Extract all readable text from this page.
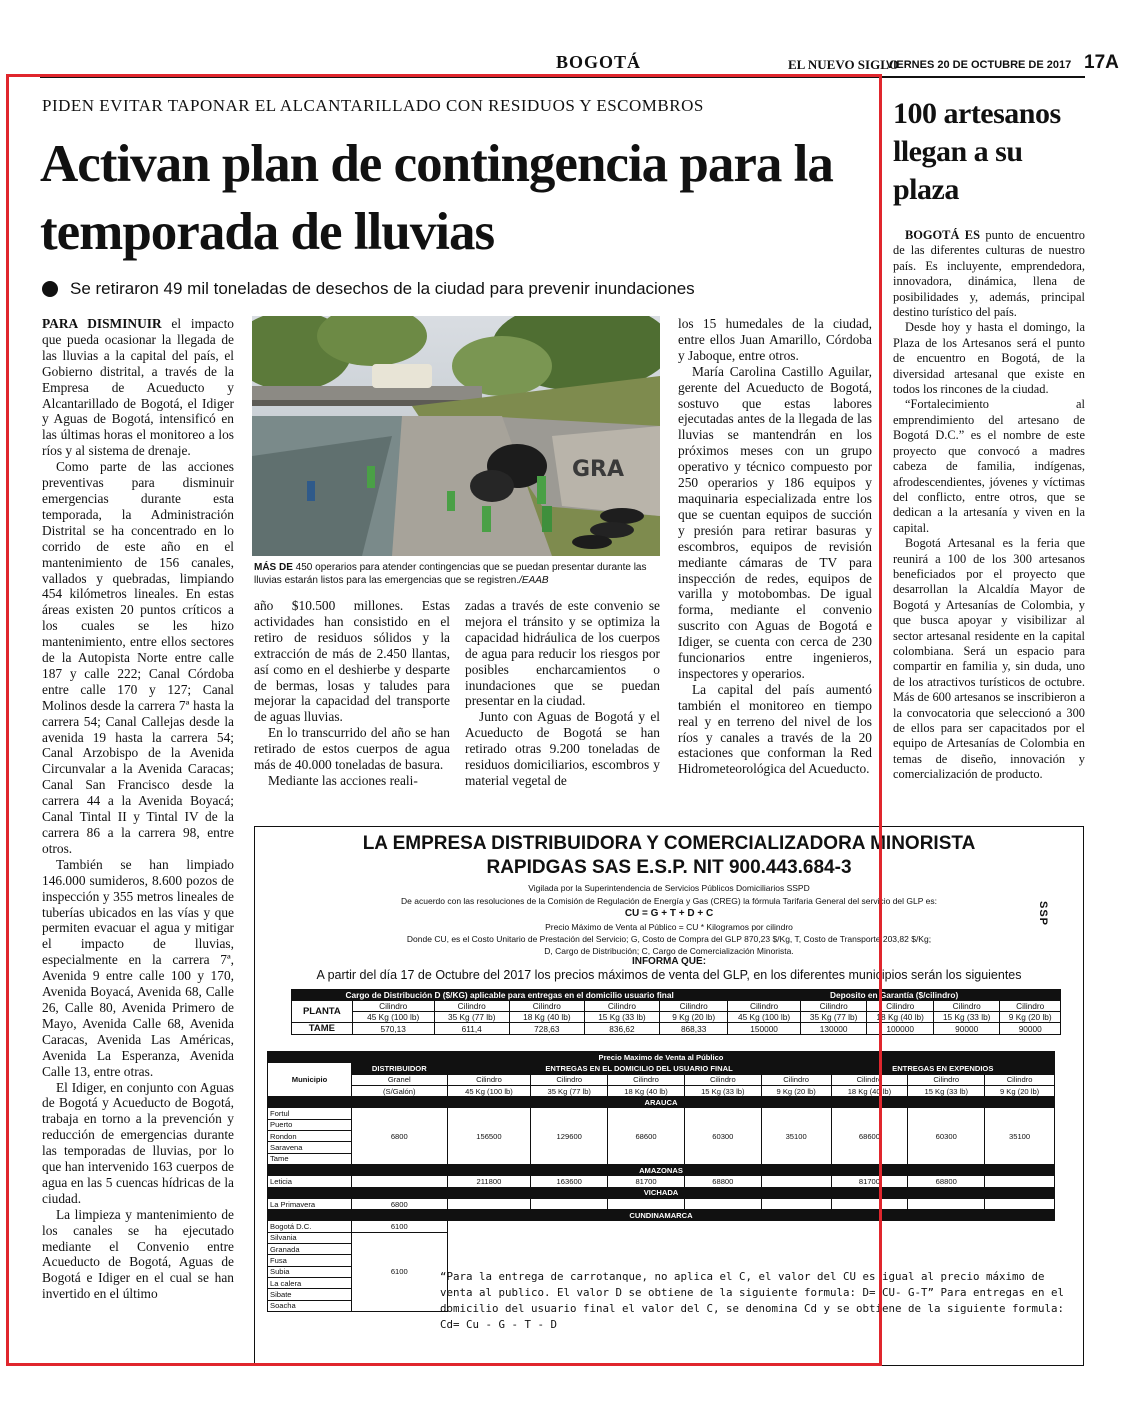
BOGOTÁ	EL NUEVO SIGLO
VIERNES 20 DE OCTUBRE DE 2017 17A
PIDEN EVITAR TAPONAR EL ALCANTARILLADO CON RESIDUOS Y ESCOMBROS
Activan plan de contingencia para la temporada de lluvias
Se retiraron 49 mil toneladas de desechos de la ciudad para prevenir inundaciones

PARA DISMINUIR el impacto que pueda ocasionar la llegada de las lluvias a la capital del país, el Gobierno distrital, a través de la Empresa de Acueducto y Alcantarillado de Bogotá, el Idiger y Aguas de Bogotá, intensificó en las últimas horas el monitoreo a los ríos y al sistema de drenaje.

Como parte de las acciones preventivas para disminuir emergencias durante esta temporada, la Administración Distrital se ha concentrado en lo corrido de este año en el mantenimiento de 156 canales, vallados y quebradas, limpiando 454 kilómetros lineales. En estas áreas existen 20 puntos críticos a los cuales se les hizo mantenimiento, entre ellos sectores de la Autopista Norte entre calle 187 y calle 222; Canal Córdoba entre calle 170 y 127; Canal Molinos desde la carrera 7ª hasta la carrera 54; Canal Callejas desde la avenida 19 hasta la carrera 54; Canal Arzobispo de la Avenida Circunvalar a la Avenida Caracas; Canal San Francisco desde la carrera 44 a la Avenida Boyacá; Canal Tintal II y Tintal IV de la carrera 86 a la carrera 98, entre otros.

También se han limpiado 146.000 sumideros, 8.600 pozos de inspección y 355 metros lineales de tuberías ubicados en las vías y que permiten evacuar el agua y mitigar el impacto de lluvias, especialmente en la carrera 7ª, Avenida 9 entre calle 100 y 170, Avenida Boyacá, Avenida 68, Calle 26, Calle 80, Avenida Primero de Mayo, Avenida Calle 68, Avenida Caracas, Avenida Las Américas, Avenida La Esperanza, Avenida Calle 13, entre otras.

El Idiger, en conjunto con Aguas de Bogotá y Acueducto de Bogotá, trabaja en torno a la prevención y reducción de emergencias durante las temporadas de lluvias, por lo que han intervenido 163 cuerpos de agua en las 5 cuencas hídricas de la ciudad.

La limpieza y mantenimiento de los canales se ha ejecutado mediante el Convenio entre Acueducto de Bogotá, Aguas de Bogotá e Idiger en el cual se han invertido en el último

GRA
MÁS DE 450 operarios para atender contingencias que se puedan presentar durante las lluvias estarán listos para las emergencias que se registren./EAAB

año $10.500 millones. Estas actividades han consistido en el retiro de residuos sólidos y la extracción de más de 2.450 llantas, así como en el deshierbe y desparte de bermas, losas y taludes para mejorar la capacidad del transporte de aguas lluvias.

En lo transcurrido del año se han retirado de estos cuerpos de agua más de 40.000 toneladas de basura.

Mediante las acciones reali-

zadas a través de este convenio se mejora el tránsito y se optimiza la capacidad hidráulica de los cuerpos de agua para reducir los riesgos por posibles encharcamientos o inundaciones que se puedan presentar en la ciudad.

Junto con Aguas de Bogotá y el Acueducto de Bogotá se han retirado otras 9.200 toneladas de residuos domiciliarios, escombros y material vegetal de

los 15 humedales de la ciudad, entre ellos Juan Amarillo, Córdoba y Jaboque, entre otros.

María Carolina Castillo Aguilar, gerente del Acueducto de Bogotá, sostuvo que estas labores ejecutadas antes de la llegada de las lluvias se mantendrán en los próximos meses con un grupo operativo y técnico compuesto por 250 operarios y 186 equipos y maquinaria especializada entre los que se cuentan equipos de succión y presión para retirar basuras y escombros, equipos de revisión mediante cámaras de TV para inspección de redes, equipos de varilla y motobombas. De igual forma, mediante el convenio suscrito con Aguas de Bogotá e Idiger, se cuenta con cerca de 230 funcionarios entre ingenieros, inspectores y operarios.

La capital del país aumentó también el monitoreo en tiempo real y en terreno del nivel de los ríos y canales a través de la 20 estaciones que conforman la Red Hidrometeorológica del Acueducto.

100 artesanos llegan a su plaza

BOGOTÁ ES punto de encuentro de las diferentes culturas de nuestro país. Es incluyente, emprendedora, innovadora, dinámica, llena de posibilidades y, además, principal destino turístico del país.

Desde hoy y hasta el domingo, la Plaza de los Artesanos será el punto de encuentro en Bogotá, de la diversidad artesanal que existe en todos los rincones de la ciudad.

“Fortalecimiento al emprendimiento del artesano de Bogotá D.C.” es el nombre de este proyecto que convocó a madres cabeza de familia, indígenas, afrodescendientes, jóvenes y víctimas del conflicto, entre otros, que se dedican a la artesanía y viven en la capital.

Bogotá Artesanal es la feria que reunirá a 100 de los 300 artesanos beneficiados por el proyecto que desarrollan la Alcaldía Mayor de Bogotá y Artesanías de Colombia, y que busca apoyar y visibilizar al sector artesanal residente en la capital colombiana. Será un espacio para compartir en familia y, sin duda, uno de los atractivos turísticos de octubre. Más de 600 artesanos se inscribieron a la convocatoria que seleccionó a 300 de ellos para ser capacitados por el equipo de Artesanías de Colombia en temas de diseño, innovación y comercialización de producto.

LA EMPRESA DISTRIBUIDORA Y COMERCIALIZADORA MINORISTA
RAPIDGAS SAS E.S.P. NIT 900.443.684-3
Vigilada por la Superintendencia de Servicios Públicos Domiciliarios SSPD
De acuerdo con las resoluciones de la Comisión de Regulación de Energía y Gas (CREG) la fórmula Tarifaria General del servicio del GLP es:
CU = G + T + D + C
Precio Máximo de Venta al Público = CU * Kilogramos por cilindro
Donde CU, es el Costo Unitario de Prestación del Servicio; G, Costo de Compra del GLP 870,23 $/Kg, T, Costo de Transporte 203,82 $/Kg;
D, Cargo de Distribución; C, Cargo de Comercialización Minorista.
INFORMA QUE:
A partir del día 17 de Octubre del 2017 los precios máximos de venta del GLP, en los diferentes municipios serán los siguientes
SSP
Cargo de Distribución D ($/KG) aplicable para entregas en el domicilio usuario final						Deposito en Garantía ($/cilindro)				
PLANTA	Cilindro	Cilindro	Cilindro	Cilindro	Cilindro	Cilindro	Cilindro	Cilindro	Cilindro	Cilindro
	45 Kg (100 lb)	35 Kg (77 lb)	18 Kg (40 lb)	15 Kg (33 lb)	9 Kg (20 lb)	45 Kg (100 lb)	35 Kg (77 lb)	18 Kg (40 lb)	15 Kg (33 lb)	9 Kg (20 lb)
TAME	570,13	611,4	728,63	836,62	868,33	150000	130000	100000	90000	90000
Precio Maximo de Venta al Público									
Municipio	DISTRIBUIDOR	ENTREGAS EN EL DOMICILIO DEL USUARIO FINAL					ENTREGAS EN EXPENDIOS		
	Granel	Cilindro	Cilindro	Cilindro	Cilindro	Cilindro	Cilindro	Cilindro	Cilindro
	(S/Galón)	45 Kg (100 lb)	35 Kg (77 lb)	18 Kg (40 lb)	15 Kg (33 lb)	9 Kg (20 lb)	18 Kg (40 lb)	15 Kg (33 lb)	9 Kg (20 lb)
ARAUCA									
Fortul	6800	156500	129600	68600	60300	35100	68600	60300	35100
Puerto									
Rondon									
Saravena									
Tame									
AMAZONAS									
Leticia		211800	163600	81700	68800		81700	68800	
VICHADA									
La Primavera	6800								
CUNDINAMARCA									
Bogotá D.C.	6100								
Silvania	6100								
Granada									
Fusa									
Subia									
La calera									
Sibate									
Soacha									
“Para la entrega de carrotanque, no aplica el C, el valor del CU es igual al precio máximo de venta al publico. El valor D se obtiene de la siguiente formula: D= CU- G-T” Para entregas en el domicilio del usuario final el valor del C, se denomina Cd y se obtiene de la siguiente formula: Cd= Cu - G - T - D
